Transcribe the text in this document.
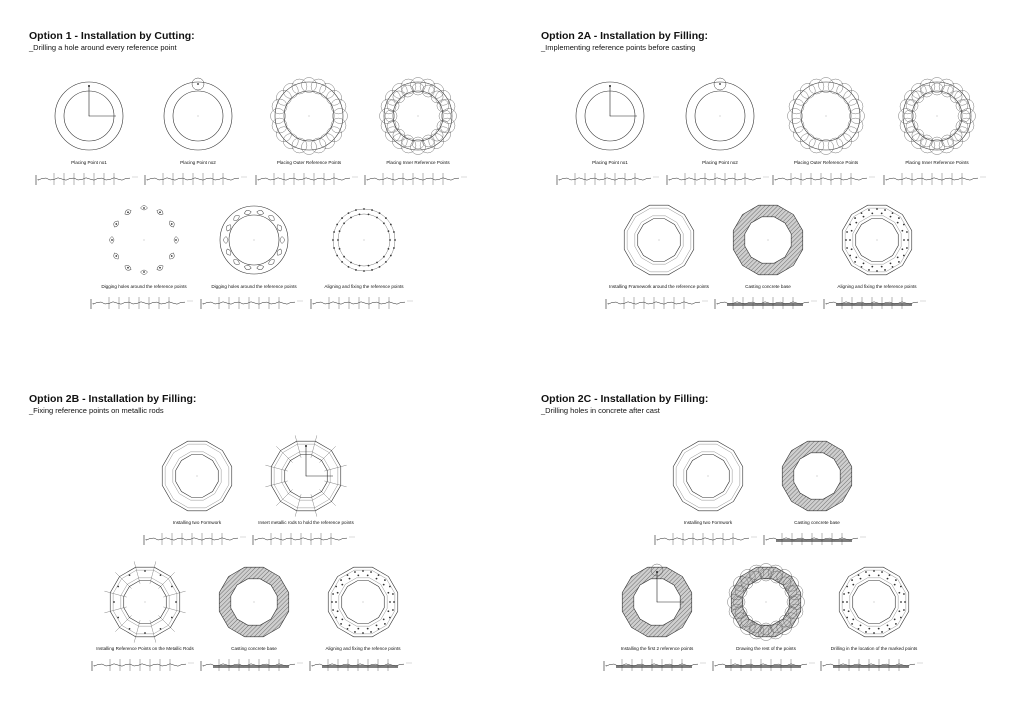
Option 1 - Installation by Cutting:
_Drilling a hole around every reference point
Placing Point no1	Placing Point no2	Placing Outer Reference Points	Placing Inner Reference Points
Digging holes around the reference points	Digging holes around the reference points	Aligning and fixing the reference points
Option 2A - Installation by Filling:
_Implementing reference points before casting
Placing Point no1	Placing Point no2	Placing Outer Reference Points	Placing Inner Reference Points
Installing Framework around the reference points	Casting concrete base	Aligning and fixing the reference points
Option 2B - Installation by Filling:
_Fixing reference points on metallic rods
Installing two Formwork	Insert metallic rods to hold the reference points
Installing Reference Points on the Metallic Rods	Casting concrete base	Aligning and fixing the refence points
Option 2C - Installation by Filling:
_Drilling holes in concrete after cast
Installing two Formwork	Casting concrete base
Installing the first 2 reference points	Drawing the rest of the points	Drilling in the location of the marked points
